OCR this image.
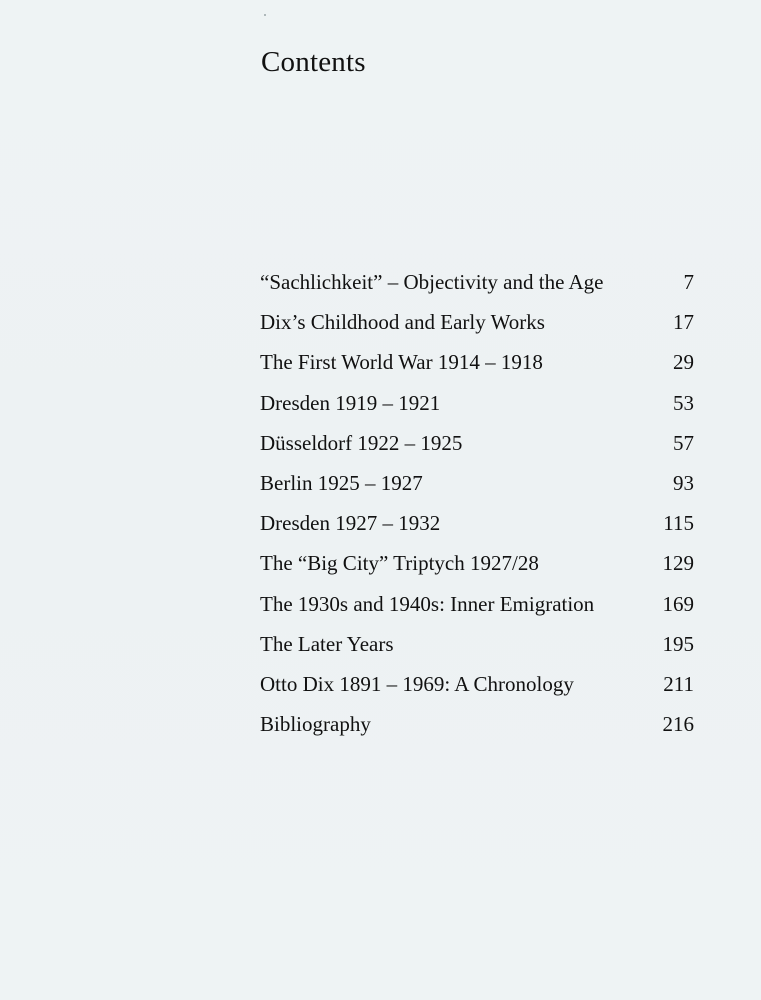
Contents
“Sachlichkeit” – Objectivity and the Age	7
Dix’s Childhood and Early Works	17
The First World War 1914 – 1918	29
Dresden 1919 – 1921	53
Düsseldorf 1922 – 1925	57
Berlin 1925 – 1927	93
Dresden 1927 – 1932	115
The “Big City” Triptych 1927/28	129
The 1930s and 1940s: Inner Emigration	169
The Later Years	195
Otto Dix 1891 – 1969: A Chronology	211
Bibliography	216
